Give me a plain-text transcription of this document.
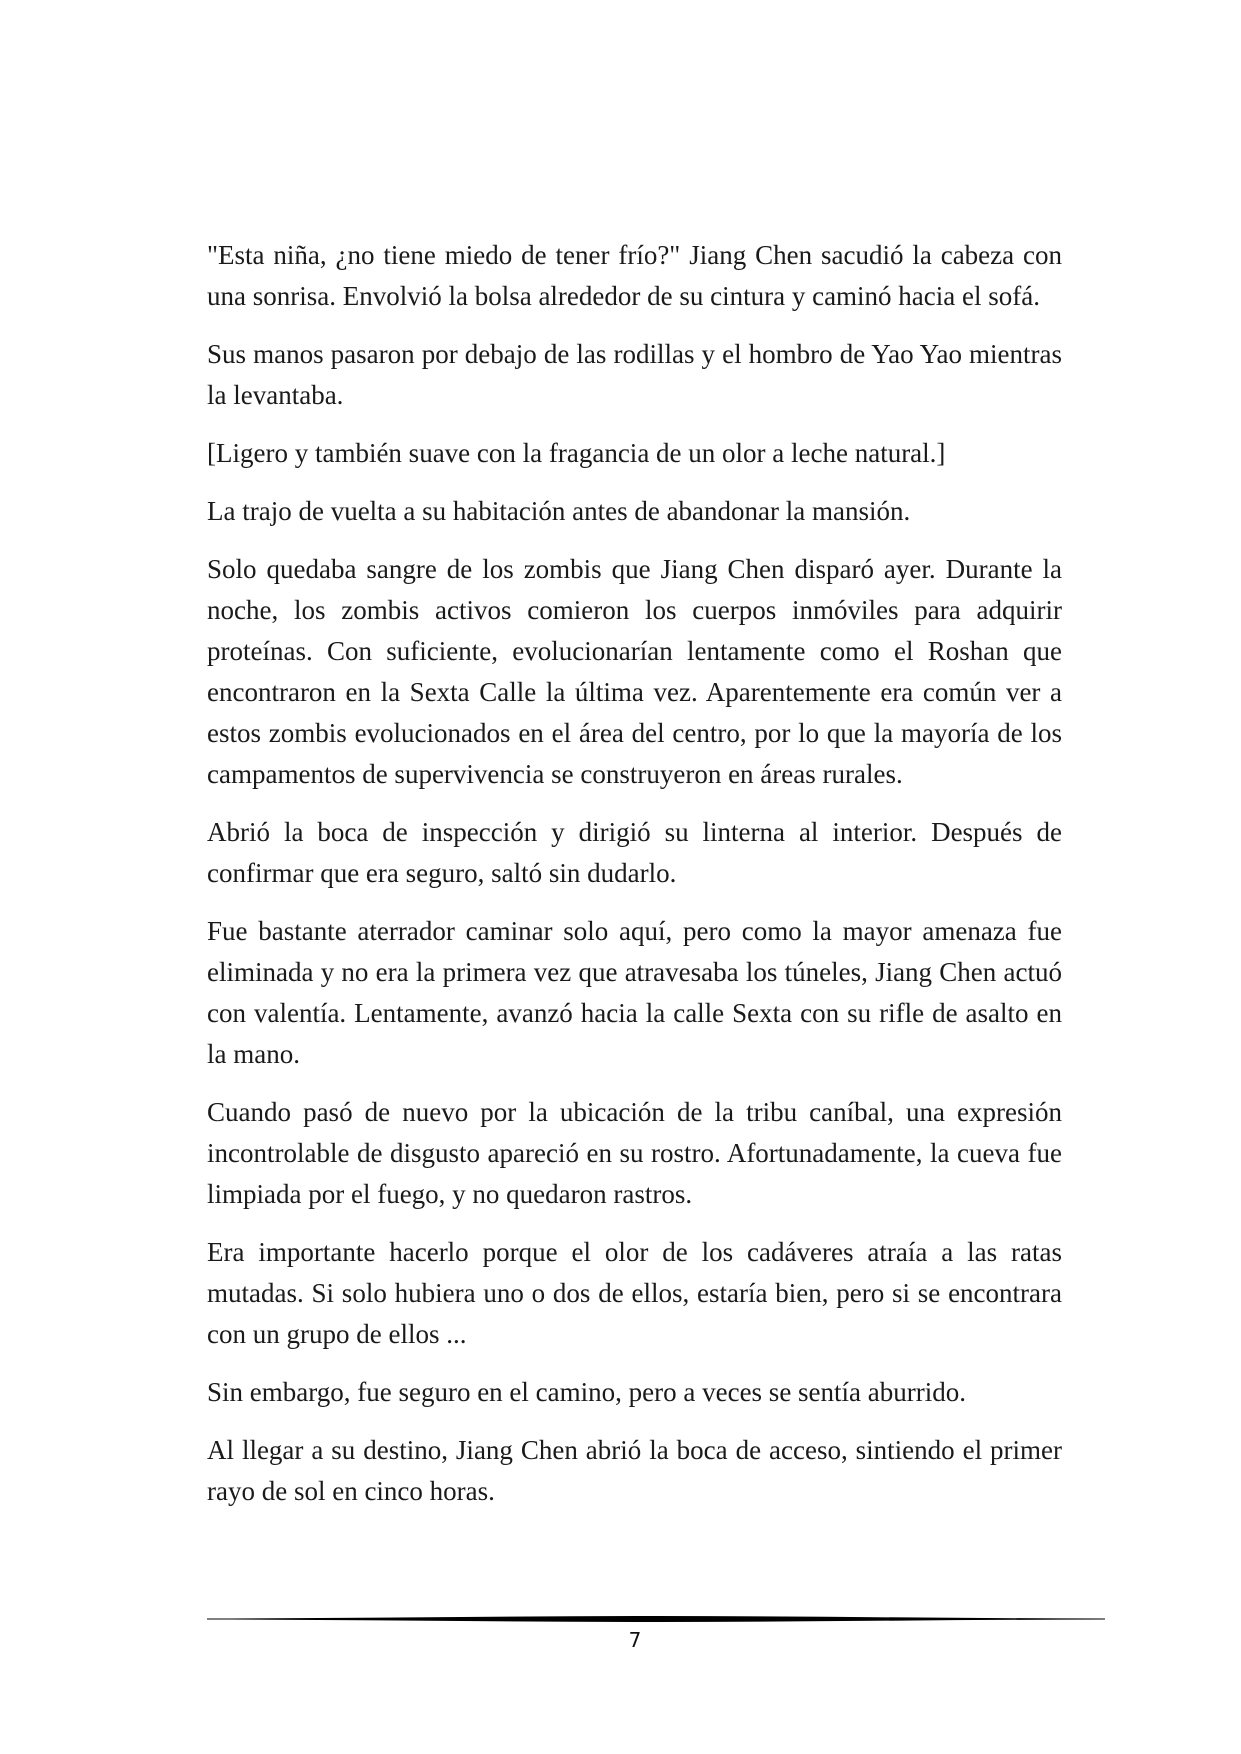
"Esta niña, ¿no tiene miedo de tener frío?" Jiang Chen sacudió la cabeza con una sonrisa. Envolvió la bolsa alrededor de su cintura y caminó hacia el sofá.

Sus manos pasaron por debajo de las rodillas y el hombro de Yao Yao mientras la levantaba.

[Ligero y también suave con la fragancia de un olor a leche natural.]

La trajo de vuelta a su habitación antes de abandonar la mansión.

Solo quedaba sangre de los zombis que Jiang Chen disparó ayer. Durante la noche, los zombis activos comieron los cuerpos inmóviles para adquirir proteínas. Con suficiente, evolucionarían lentamente como el Roshan que encontraron en la Sexta Calle la última vez. Aparentemente era común ver a estos zombis evolucionados en el área del centro, por lo que la mayoría de los campamentos de supervivencia se construyeron en áreas rurales.

Abrió la boca de inspección y dirigió su linterna al interior. Después de confirmar que era seguro, saltó sin dudarlo.

Fue bastante aterrador caminar solo aquí, pero como la mayor amenaza fue eliminada y no era la primera vez que atravesaba los túneles, Jiang Chen actuó con valentía. Lentamente, avanzó hacia la calle Sexta con su rifle de asalto en la mano.

Cuando pasó de nuevo por la ubicación de la tribu caníbal, una expresión incontrolable de disgusto apareció en su rostro. Afortunadamente, la cueva fue limpiada por el fuego, y no quedaron rastros.

Era importante hacerlo porque el olor de los cadáveres atraía a las ratas mutadas. Si solo hubiera uno o dos de ellos, estaría bien, pero si se encontrara con un grupo de ellos ...

Sin embargo, fue seguro en el camino, pero a veces se sentía aburrido.

Al llegar a su destino, Jiang Chen abrió la boca de acceso, sintiendo el primer rayo de sol en cinco horas.

7
